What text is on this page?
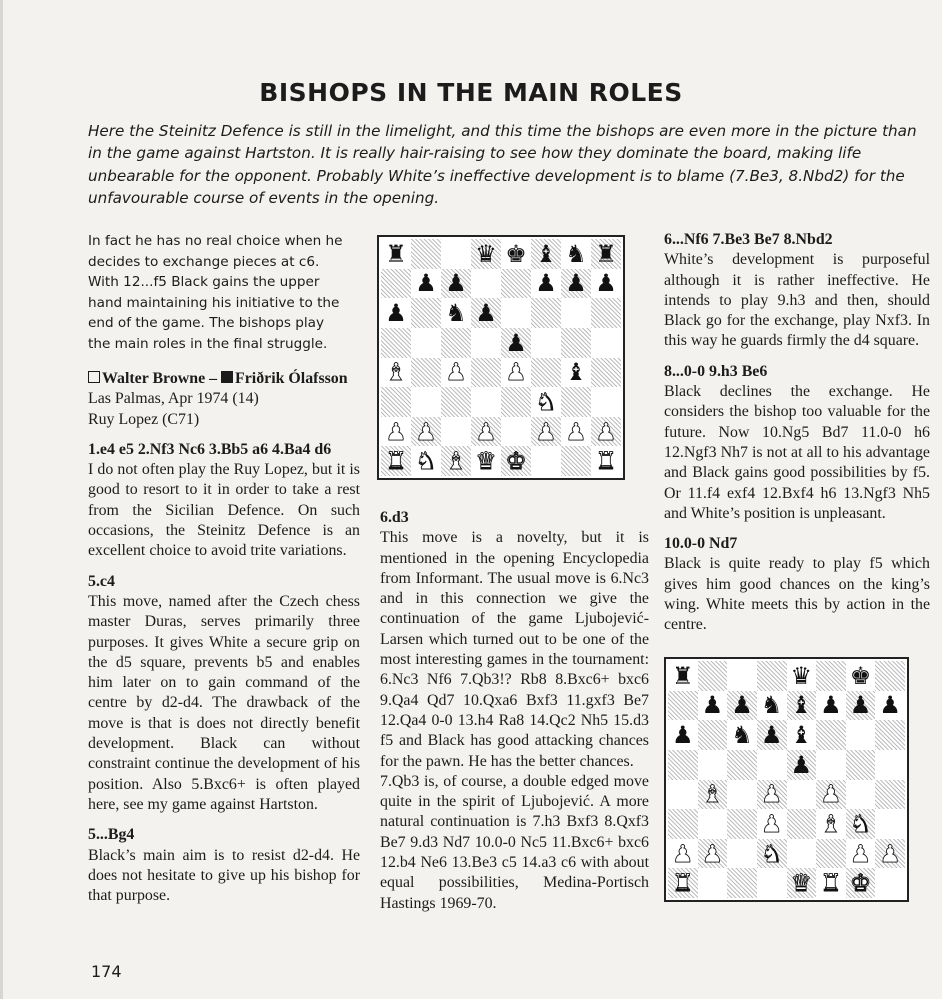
BISHOPS IN THE MAIN ROLES
Here the Steinitz Defence is still in the limelight, and this time the bishops are even more in the picture than in the game against Hartston. It is really hair-raising to see how they dominate the board, making life unbearable for the opponent. Probably White’s ineffective development is to blame (7.Be3, 8.Nbd2) for the unfavourable course of events in the opening.
In fact he has no real choice when he decides to exchange pieces at c6. With 12...f5 Black gains the upper hand maintaining his initiative to the end of the game. The bishops play the main roles in the final struggle.

Walter Browne – Friðrik Ólafsson

Las Palmas, Apr 1974 (14)

Ruy Lopez (C71)

1.e4 e5 2.Nf3 Nc6 3.Bb5 a6 4.Ba4 d6

I do not often play the Ruy Lopez, but it is good to resort to it in order to take a rest from the Sicilian Defence. On such occasions, the Steinitz Defence is an excellent choice to avoid trite variations.

5.c4

This move, named after the Czech chess master Duras, serves primarily three purposes. It gives White a secure grip on the d5 square, prevents b5 and enables him later on to gain command of the centre by d2-d4. The drawback of the move is that is does not directly benefit development. Black can without constraint continue the development of his position. Also 5.Bxc6+ is often played here, see my game against Hartston.

5...Bg4

Black’s main aim is to resist d2-d4. He does not hesitate to give up his bishop for that purpose.

♜	♛ ♚ ♝ ♞ ♜
♟ ♟	♟ ♟ ♟
♟ ♞ ♟
♟
♝ ♟ ♟ ♝
♞
♟ ♟ ♟ ♟ ♟ ♟
♜ ♞ ♝ ♛ ♚	♜

6.d3

This move is a novelty, but it is mentioned in the opening Encyclopedia from Informant. The usual move is 6.Nc3 and in this connection we give the continuation of the game Ljubojević-Larsen which turned out to be one of the most interesting games in the tournament: 6.Nc3 Nf6 7.Qb3!? Rb8 8.Bxc6+ bxc6 9.Qa4 Qd7 10.Qxa6 Bxf3 11.gxf3 Be7 12.Qa4 0-0 13.h4 Ra8 14.Qc2 Nh5 15.d3 f5 and Black has good attacking chances for the pawn. He has the better chances.

7.Qb3 is, of course, a double edged move quite in the spirit of Ljubojević. A more natural continuation is 7.h3 Bxf3 8.Qxf3 Be7 9.d3 Nd7 10.0-0 Nc5 11.Bxc6+ bxc6 12.b4 Ne6 13.Be3 c5 14.a3 c6 with about equal possibilities, Medina-Portisch Hastings 1969-70.

6...Nf6 7.Be3 Be7 8.Nbd2

White’s development is purposeful although it is rather ineffective. He intends to play 9.h3 and then, should Black go for the exchange, play Nxf3. In this way he guards firmly the d4 square.

8...0-0 9.h3 Be6

Black declines the exchange. He considers the bishop too valuable for the future. Now 10.Ng5 Bd7 11.0-0 h6 12.Ngf3 Nh7 is not at all to his advantage and Black gains good possibilities by f5. Or 11.f4 exf4 12.Bxf4 h6 13.Ngf3 Nh5 and White’s position is unpleasant.

10.0-0 Nd7

Black is quite ready to play f5 which gives him good chances on the king’s wing. White meets this by action in the centre.

♜	♛ ♚
♟ ♟ ♞ ♝ ♟ ♟ ♟
♟ ♞ ♟ ♝
♟
♝ ♟ ♟
♟ ♝ ♞
♟ ♟ ♞	♟ ♟
♜	♛ ♜ ♚
174
